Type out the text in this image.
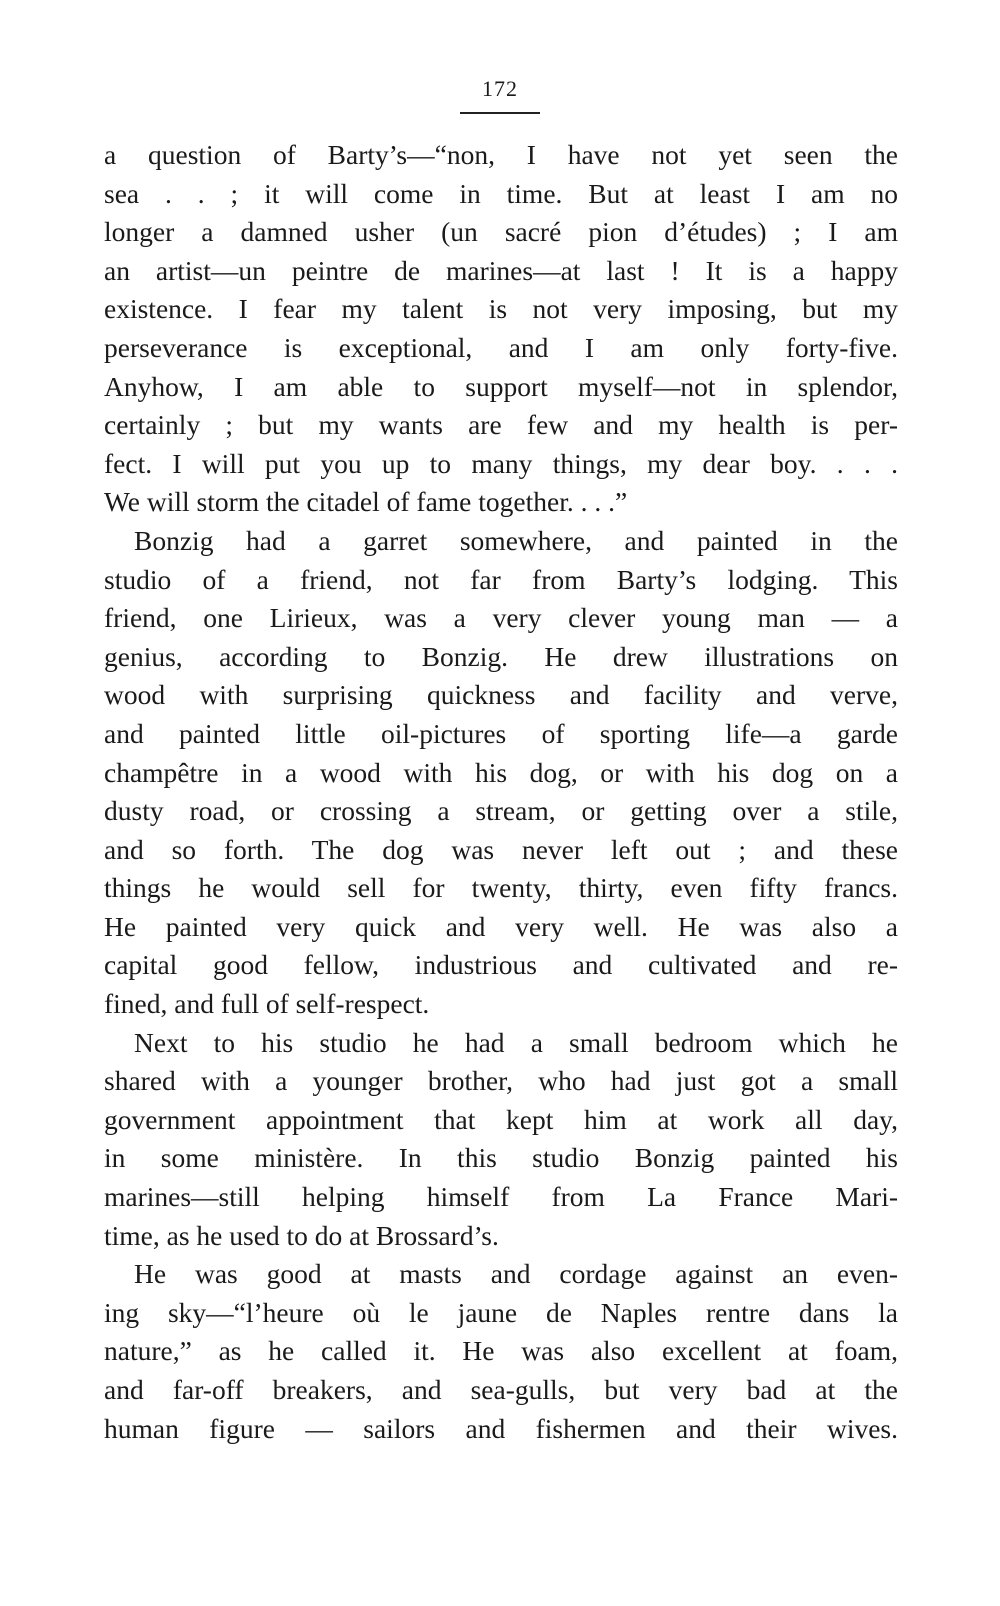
172

a question of Barty’s—“non, I have not yet seen the
sea . . ; it will come in time. But at least I am no
longer a damned usher (un sacré pion d’études) ; I am
an artist—un peintre de marines—at last ! It is a happy
existence. I fear my talent is not very imposing, but my
perseverance is exceptional, and I am only forty-five.
Anyhow, I am able to support myself—not in splendor,
certainly ; but my wants are few and my health is per-
fect. I will put you up to many things, my dear boy. . . .
We will storm the citadel of fame together. . . .”

Bonzig had a garret somewhere, and painted in the
studio of a friend, not far from Barty’s lodging. This
friend, one Lirieux, was a very clever young man — a
genius, according to Bonzig. He drew illustrations on
wood with surprising quickness and facility and verve,
and painted little oil-pictures of sporting life—a garde
champêtre in a wood with his dog, or with his dog on a
dusty road, or crossing a stream, or getting over a stile,
and so forth. The dog was never left out ; and these
things he would sell for twenty, thirty, even fifty francs.
He painted very quick and very well. He was also a
capital good fellow, industrious and cultivated and re-
fined, and full of self-respect.

Next to his studio he had a small bedroom which he
shared with a younger brother, who had just got a small
government appointment that kept him at work all day,
in some ministère. In this studio Bonzig painted his
marines—still helping himself from La France Mari-
time, as he used to do at Brossard’s.

He was good at masts and cordage against an even-
ing sky—“l’heure où le jaune de Naples rentre dans la
nature,” as he called it. He was also excellent at foam,
and far-off breakers, and sea-gulls, but very bad at the
human figure — sailors and fishermen and their wives.
